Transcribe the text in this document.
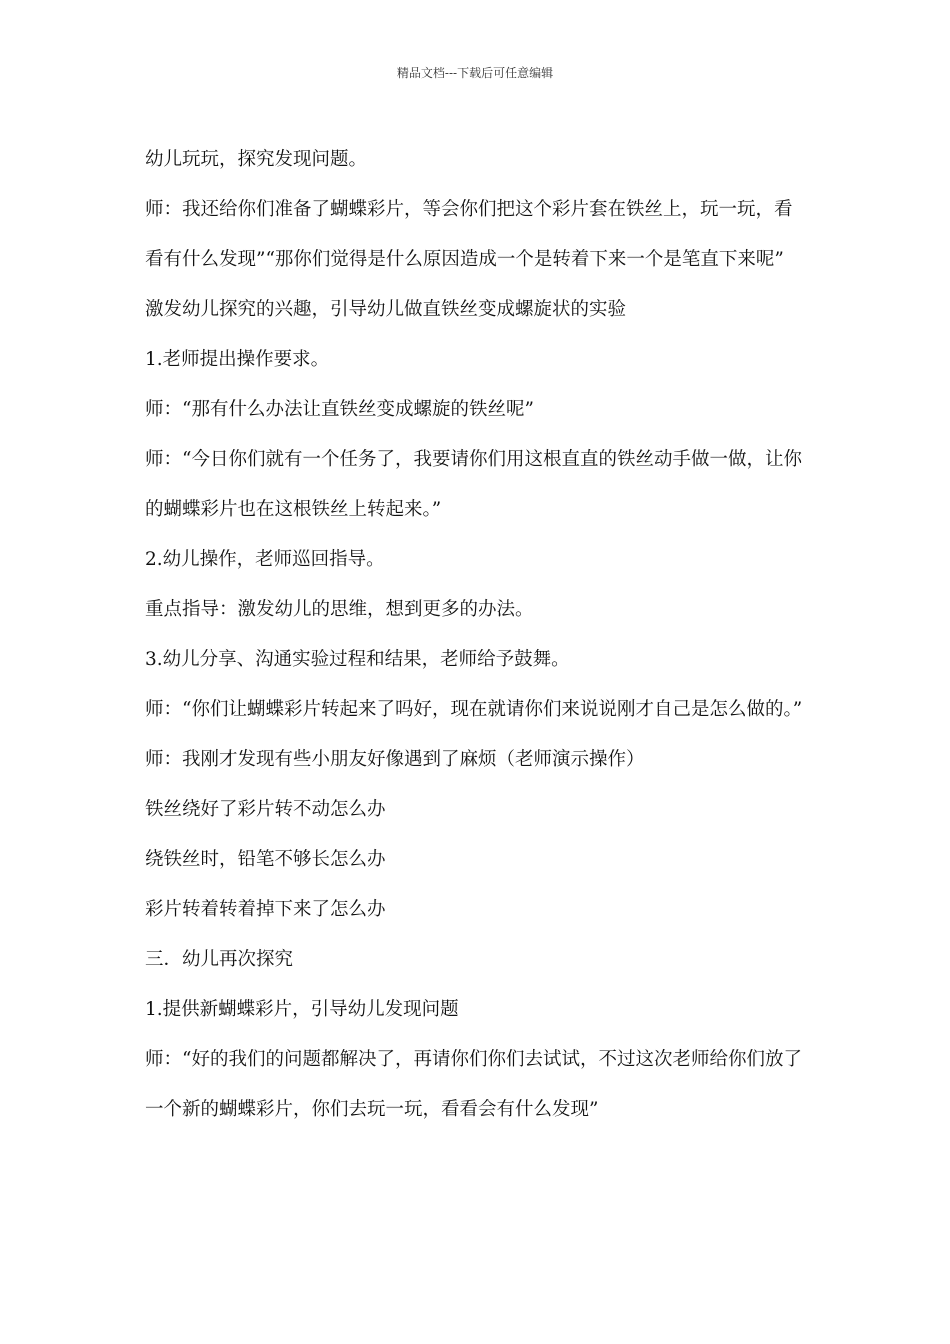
精品文档---下载后可任意编辑

幼儿玩玩，探究发现问题。

师：我还给你们准备了蝴蝶彩片，等会你们把这个彩片套在铁丝上，玩一玩，看看有什么发现”“那你们觉得是什么原因造成一个是转着下来一个是笔直下来呢”

激发幼儿探究的兴趣，引导幼儿做直铁丝变成螺旋状的实验

1.老师提出操作要求。

师：“那有什么办法让直铁丝变成螺旋的铁丝呢”

师：“今日你们就有一个任务了，我要请你们用这根直直的铁丝动手做一做，让你的蝴蝶彩片也在这根铁丝上转起来。”

2.幼儿操作，老师巡回指导。

重点指导：激发幼儿的思维，想到更多的办法。

3.幼儿分享、沟通实验过程和结果，老师给予鼓舞。

师：“你们让蝴蝶彩片转起来了吗好，现在就请你们来说说刚才自己是怎么做的。”

师：我刚才发现有些小朋友好像遇到了麻烦（老师演示操作）

铁丝绕好了彩片转不动怎么办

绕铁丝时，铅笔不够长怎么办

彩片转着转着掉下来了怎么办

三．幼儿再次探究

1.提供新蝴蝶彩片，引导幼儿发现问题

师：“好的我们的问题都解决了，再请你们你们去试试，不过这次老师给你们放了一个新的蝴蝶彩片，你们去玩一玩，看看会有什么发现”
